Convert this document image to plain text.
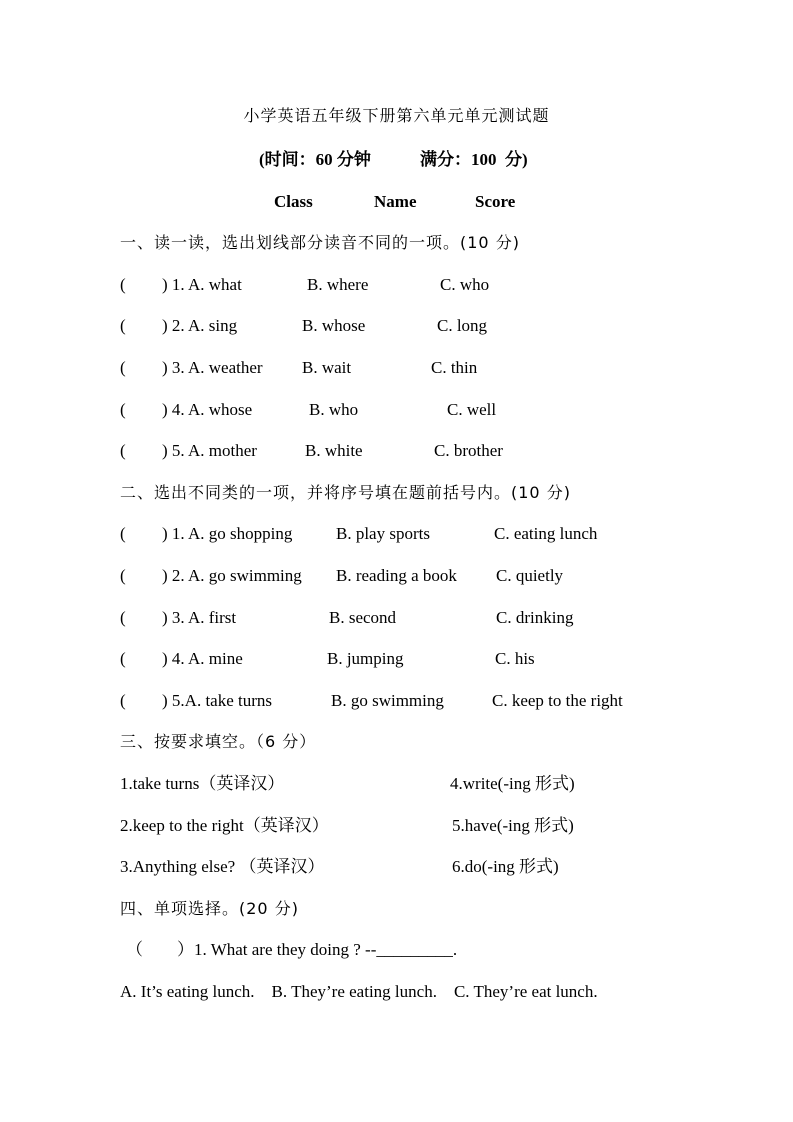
小学英语五年级下册第六单元单元测试题
(时间：60 分钟	满分：100  分)
Class	Name	Score
一、读一读，选出划线部分读音不同的一项。(10 分)
( ) 1. A. what	B. where	C. who
( ) 2. A. sing	B. whose	C. long
( ) 3. A. weather B. wait	C. thin
( ) 4. A. whose	B. who	C. well
( ) 5. A. mother	B. white	C. brother
二、选出不同类的一项，并将序号填在题前括号内。(10 分)
( ) 1. A. go shopping	B. play sports	C. eating lunch
( ) 2. A. go swimming B. reading a book C. quietly
( ) 3. A. first	B. second	C. drinking
( ) 4. A. mine	B. jumping	C. his
( ) 5.A. take turns	B. go swimming	C. keep to the right
三、按要求填空。（6 分）
1.take turns（英译汉）	4.write(-ing 形式)
2.keep to the right（英译汉）	5.have(-ing 形式)
3.Anything else? （英译汉）	6.do(-ing 形式)
四、单项选择。(20 分)
（ ）1. What are they doing ? --_________.
A. It’s eating lunch.    B. They’re eating lunch.    C. They’re eat lunch.
